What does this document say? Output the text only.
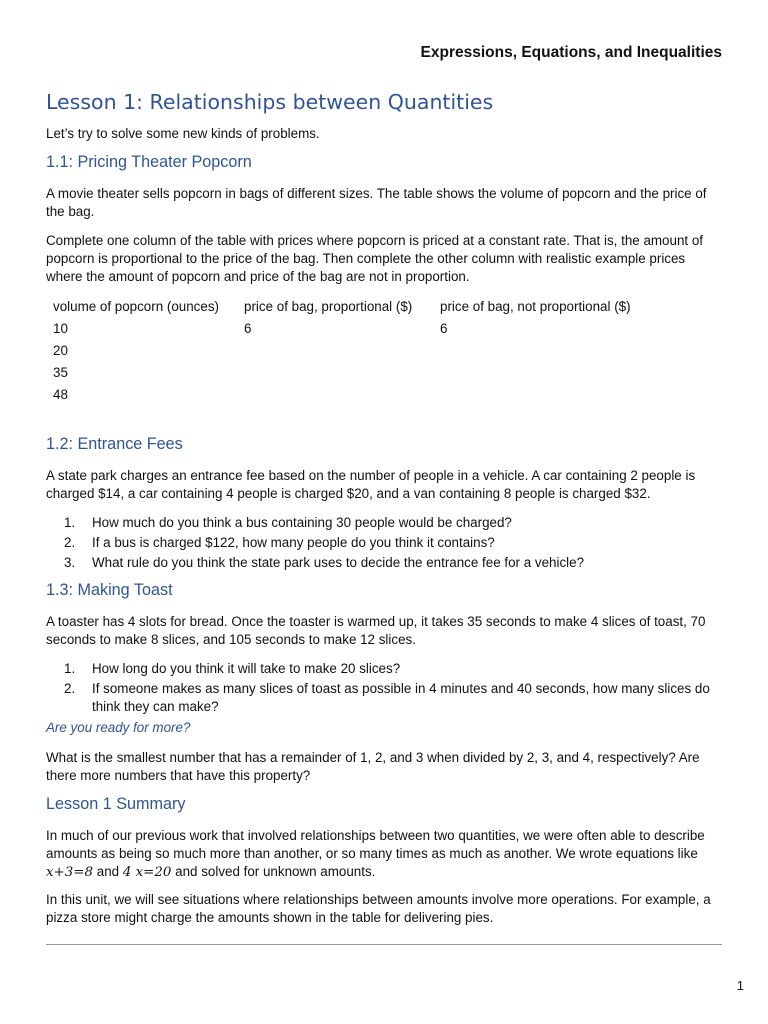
Expressions, Equations, and Inequalities
Lesson 1: Relationships between Quantities

Let’s try to solve some new kinds of problems.

1.1: Pricing Theater Popcorn

A movie theater sells popcorn in bags of different sizes. The table shows the volume of popcorn and the price of the bag.

Complete one column of the table with prices where popcorn is priced at a constant rate. That is, the amount of popcorn is proportional to the price of the bag. Then complete the other column with realistic example prices where the amount of popcorn and price of the bag are not in proportion.

volume of popcorn (ounces)	price of bag, proportional ($)	price of bag, not proportional ($)
10	6	6
20		
35		
48		
1.2: Entrance Fees

A state park charges an entrance fee based on the number of people in a vehicle. A car containing 2 people is charged $14, a car containing 4 people is charged $20, and a van containing 8 people is charged $32.

1.	How much do you think a bus containing 30 people would be charged?
2.	If a bus is charged $122, how many people do you think it contains?
3.	What rule do you think the state park uses to decide the entrance fee for a vehicle?
1.3: Making Toast

A toaster has 4 slots for bread. Once the toaster is warmed up, it takes 35 seconds to make 4 slices of toast, 70 seconds to make 8 slices, and 105 seconds to make 12 slices.

1.	How long do you think it will take to make 20 slices?
2.	If someone makes as many slices of toast as possible in 4 minutes and 40 seconds, how many slices do think they can make?

Are you ready for more?

What is the smallest number that has a remainder of 1, 2, and 3 when divided by 2, 3, and 4, respectively? Are there more numbers that have this property?

Lesson 1 Summary

In much of our previous work that involved relationships between two quantities, we were often able to describe amounts as being so much more than another, or so many times as much as another. We wrote equations like x+3=8 and 4 x=20 and solved for unknown amounts.

In this unit, we will see situations where relationships between amounts involve more operations. For example, a pizza store might charge the amounts shown in the table for delivering pies.

1
